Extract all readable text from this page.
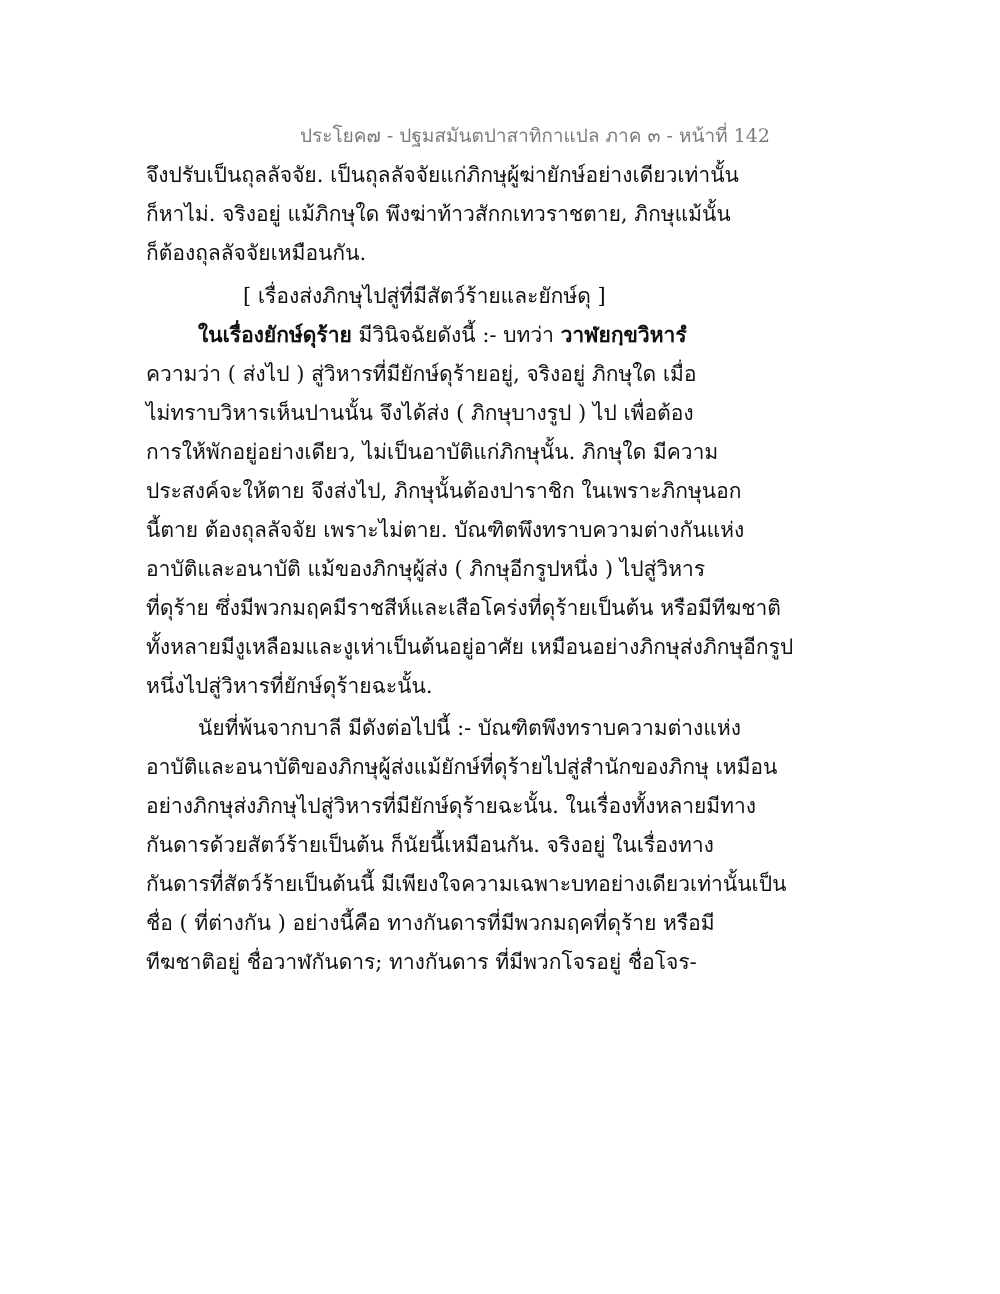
ประโยค๗ - ปฐมสมันตปาสาทิกาแปล ภาค ๓ - หน้าที่ 142
จึงปรับเป็นถุลลัจจัย. เป็นถุลลัจจัยแก่ภิกษุผู้ฆ่ายักษ์อย่างเดียวเท่านั้น
ก็หาไม่. จริงอยู่ แม้ภิกษุใด พึงฆ่าท้าวสักกเทวราชตาย, ภิกษุแม้นั้น
ก็ต้องถุลลัจจัยเหมือนกัน.
[ เรื่องส่งภิกษุไปสู่ที่มีสัตว์ร้ายและยักษ์ดุ ]
ในเรื่องยักษ์ดุร้าย มีวินิจฉัยดังนี้ :- บทว่า วาฬยกฺขวิหารํ
ความว่า ( ส่งไป ) สู่วิหารที่มียักษ์ดุร้ายอยู่, จริงอยู่ ภิกษุใด เมื่อ
ไม่ทราบวิหารเห็นปานนั้น จึงได้ส่ง ( ภิกษุบางรูป ) ไป เพื่อต้อง
การให้พักอยู่อย่างเดียว, ไม่เป็นอาบัติแก่ภิกษุนั้น. ภิกษุใด มีความ
ประสงค์จะให้ตาย จึงส่งไป, ภิกษุนั้นต้องปาราชิก ในเพราะภิกษุนอก
นี้ตาย ต้องถุลลัจจัย เพราะไม่ตาย. บัณฑิตพึงทราบความต่างกันแห่ง
อาบัติและอนาบัติ แม้ของภิกษุผู้ส่ง ( ภิกษุอีกรูปหนึ่ง ) ไปสู่วิหาร
ที่ดุร้าย ซึ่งมีพวกมฤคมีราชสีห์และเสือโคร่งที่ดุร้ายเป็นต้น หรือมีทีฆชาติ
ทั้งหลายมีงูเหลือมและงูเห่าเป็นต้นอยู่อาศัย เหมือนอย่างภิกษุส่งภิกษุอีกรูป
หนึ่งไปสู่วิหารที่ยักษ์ดุร้ายฉะนั้น.
นัยที่พ้นจากบาลี มีดังต่อไปนี้ :- บัณฑิตพึงทราบความต่างแห่ง
อาบัติและอนาบัติของภิกษุผู้ส่งแม้ยักษ์ที่ดุร้ายไปสู่สำนักของภิกษุ เหมือน
อย่างภิกษุส่งภิกษุไปสู่วิหารที่มียักษ์ดุร้ายฉะนั้น. ในเรื่องทั้งหลายมีทาง
กันดารด้วยสัตว์ร้ายเป็นต้น ก็นัยนี้เหมือนกัน. จริงอยู่ ในเรื่องทาง
กันดารที่สัตว์ร้ายเป็นต้นนี้ มีเพียงใจความเฉพาะบทอย่างเดียวเท่านั้นเป็น
ชื่อ ( ที่ต่างกัน ) อย่างนี้คือ ทางกันดารที่มีพวกมฤคที่ดุร้าย หรือมี
ทีฆชาติอยู่ ชื่อวาฬกันดาร; ทางกันดาร ที่มีพวกโจรอยู่ ชื่อโจร-
